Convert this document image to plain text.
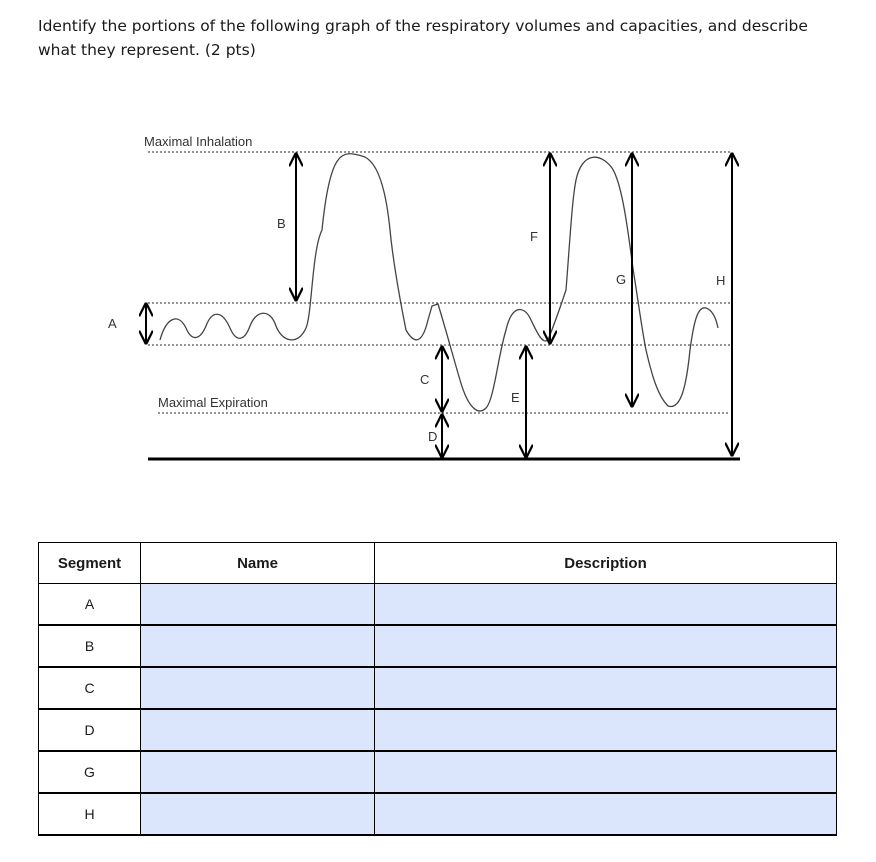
Identify the portions of the following graph of the respiratory volumes and capacities, and describe what they represent. (2 pts)

Maximal Inhalation
Maximal Expiration
A
B
C
D
E
F
G	H
Segment	Name	Description
A		
B		
C		
D		
G		
H		
